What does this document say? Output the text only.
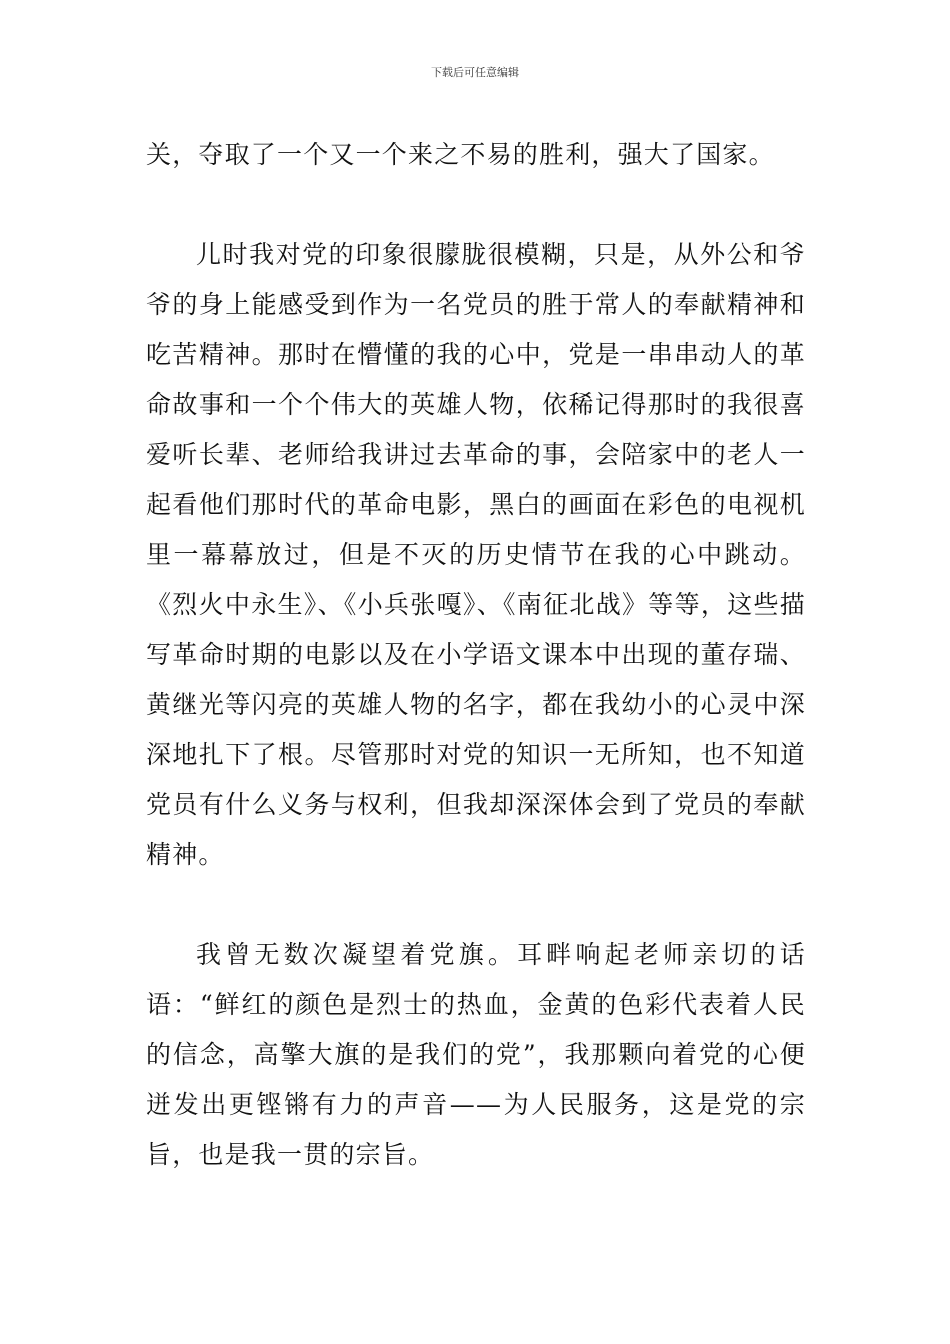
下载后可任意编辑

关，夺取了一个又一个来之不易的胜利，强大了国家。

儿时我对党的印象很朦胧很模糊，只是，从外公和爷爷的身上能感受到作为一名党员的胜于常人的奉献精神和吃苦精神。那时在懵懂的我的心中，党是一串串动人的革命故事和一个个伟大的英雄人物，依稀记得那时的我很喜爱听长辈、老师给我讲过去革命的事，会陪家中的老人一起看他们那时代的革命电影，黑白的画面在彩色的电视机里一幕幕放过，但是不灭的历史情节在我的心中跳动。《烈火中永生》、《小兵张嘎》、《南征北战》等等，这些描写革命时期的电影以及在小学语文课本中出现的董存瑞、黄继光等闪亮的英雄人物的名字，都在我幼小的心灵中深深地扎下了根。尽管那时对党的知识一无所知，也不知道党员有什么义务与权利，但我却深深体会到了党员的奉献精神。

我曾无数次凝望着党旗。耳畔响起老师亲切的话语：“鲜红的颜色是烈士的热血，金黄的色彩代表着人民的信念，高擎大旗的是我们的党”，我那颗向着党的心便迸发出更铿锵有力的声音——为人民服务，这是党的宗旨，也是我一贯的宗旨。
